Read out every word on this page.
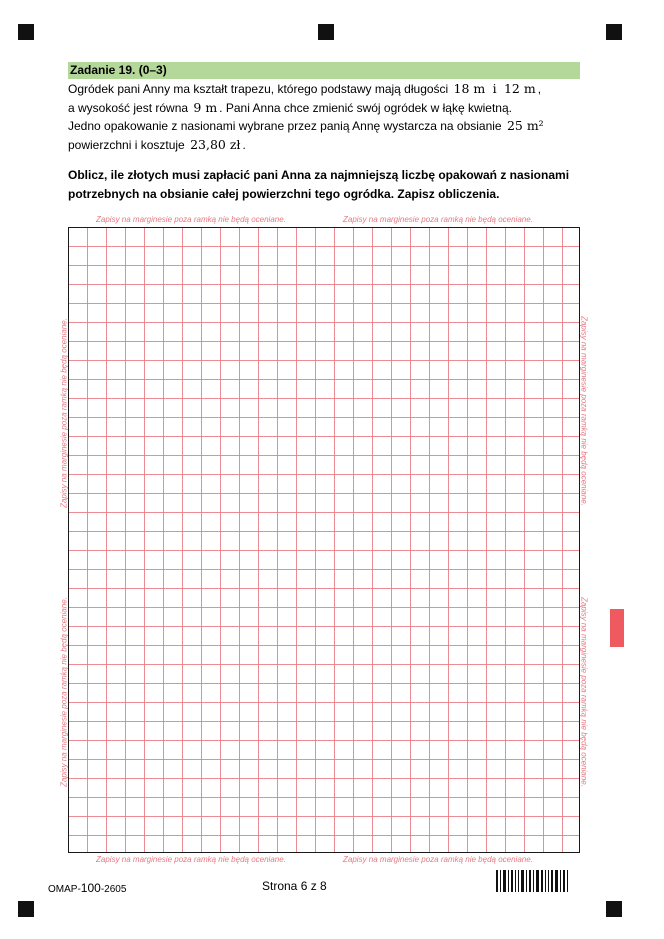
Zadanie 19. (0–3)

Ogródek pani Anny ma kształt trapezu, którego podstawy mają długości 18 m i 12 m ,
a wysokość jest równa 9 m . Pani Anna chce zmienić swój ogródek w łąkę kwietną.
Jedno opakowanie z nasionami wybrane przez panią Annę wystarcza na obsianie 25 m²
powierzchni i kosztuje 23,80 zł .

Oblicz, ile złotych musi zapłacić pani Anna za najmniejszą liczbę opakowań z nasionami
potrzebnych na obsianie całej powierzchni tego ogródka. Zapisz obliczenia.

Zapisy na marginesie poza ramką nie będą oceniane.	Zapisy na marginesie poza ramką nie będą oceniane.
Zapisy na marginesie poza ramką nie będą oceniane.	Zapisy na marginesie poza ramką nie będą oceniane.
Zapisy na marginesie poza ramką nie będą oceniane.
Zapisy na marginesie poza ramką nie będą oceniane.
Zapisy na marginesie poza ramką nie będą oceniane.
Zapisy na marginesie poza ramką nie będą oceniane.
OMAP-100-2605	Strona 6 z 8
